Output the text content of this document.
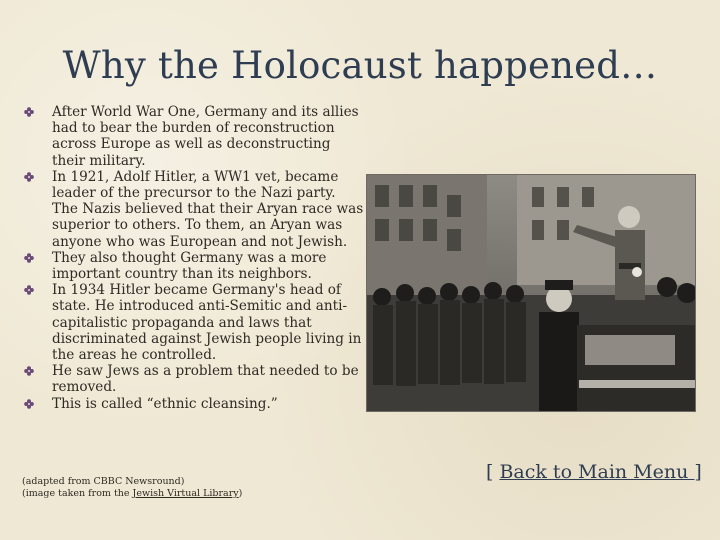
Why the Holocaust happened…
After World War One, Germany and its allies had to bear the burden of reconstruction across Europe as well as deconstructing their military.
In 1921, Adolf Hitler, a WW1 vet, became leader of the precursor to the Nazi party. The Nazis believed that their Aryan race was superior to others. To them, an Aryan was anyone who was European and not Jewish.
They also thought Germany was a more important country than its neighbors.
In 1934 Hitler became Germany's head of state. He introduced anti-Semitic and anti-capitalistic propaganda and laws that discriminated against Jewish people living in the areas he controlled.
He saw Jews as a problem that needed to be removed.
This is called “ethnic cleansing.”
(adapted from CBBC Newsround)
(image taken from the Jewish Virtual Library)
[ Back to Main Menu ]
